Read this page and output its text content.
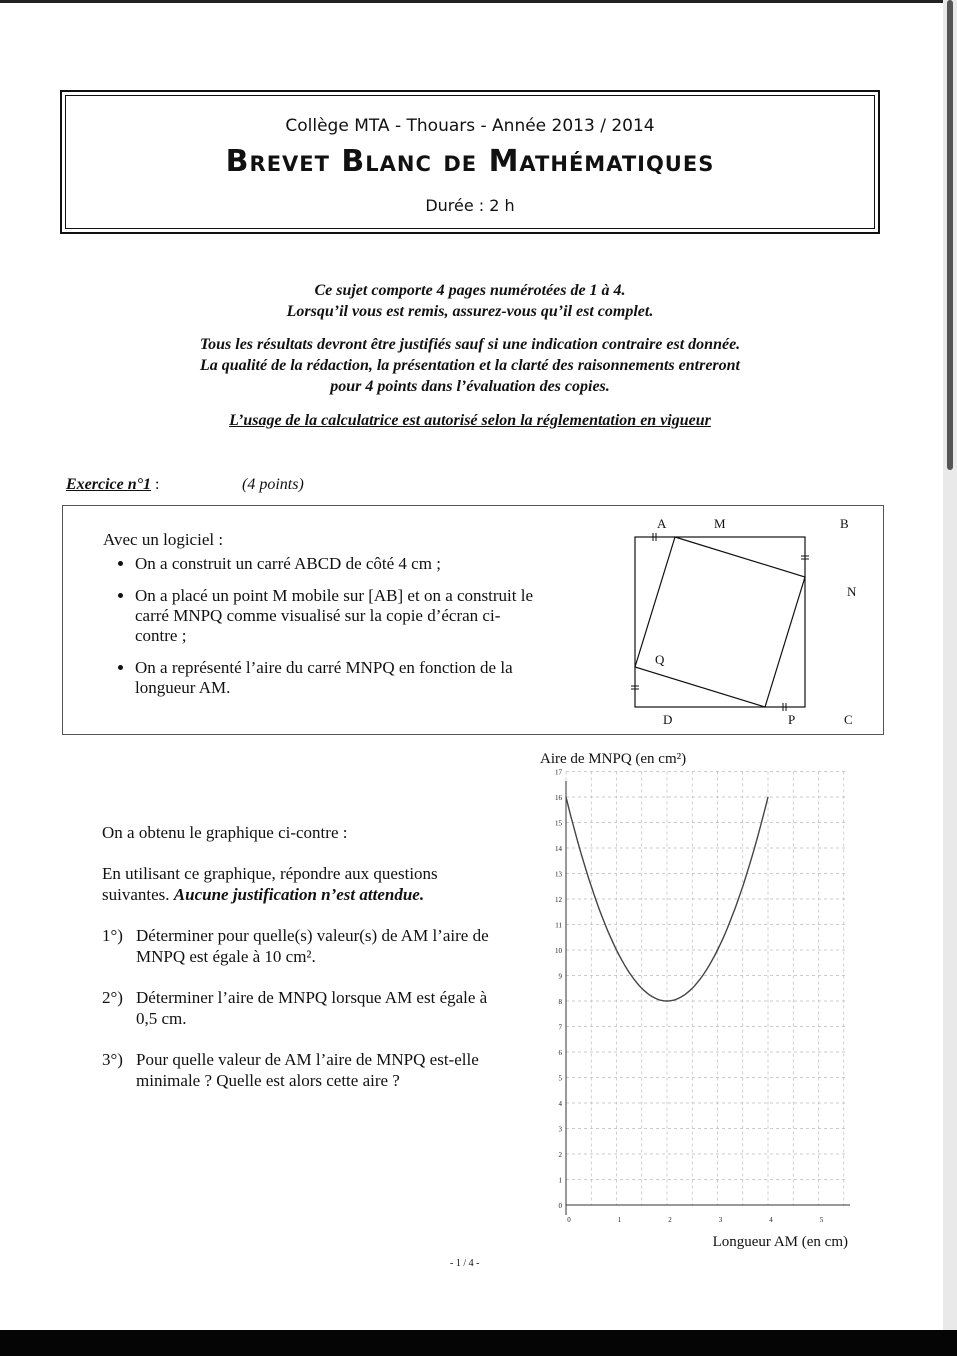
Collège MTA - Thouars - Année 2013 / 2014
Brevet Blanc de Mathématiques
Durée : 2 h
Ce sujet comporte 4 pages numérotées de 1 à 4.
Lorsqu’il vous est remis, assurez-vous qu’il est complet.
Tous les résultats devront être justifiés sauf si une indication contraire est donnée.
La qualité de la rédaction, la présentation et la clarté des raisonnements entreront
pour 4 points dans l’évaluation des copies.
L’usage de la calculatrice est autorisé selon la réglementation en vigueur
Exercice n°1 :	(4 points)
Avec un logiciel :
• On a construit un carré ABCD de côté 4 cm ;
• On a placé un point M mobile sur [AB] et on a construit le carré MNPQ comme visualisé sur la copie d’écran ci-contre ;
• On a représenté l’aire du carré MNPQ en fonction de la longueur AM.
A	M	B
N
Q
D	P	C

On a obtenu le graphique ci-contre :

En utilisant ce graphique, répondre aux questions suivantes. Aucune justification n’est attendue.

1°) Déterminer pour quelle(s) valeur(s) de AM l’aire de MNPQ est égale à 10 cm².
2°) Déterminer l’aire de MNPQ lorsque AM est égale à 0,5 cm.
3°) Pour quelle valeur de AM l’aire de MNPQ est-elle minimale ? Quelle est alors cette aire ?
Aire de MNPQ (en cm²)
0
1
2
3
4
5
6
7
8
9
10
11
12
13
14
15
16
17
0	1	2	3	4	5
Longueur AM (en cm)
- 1 / 4 -
